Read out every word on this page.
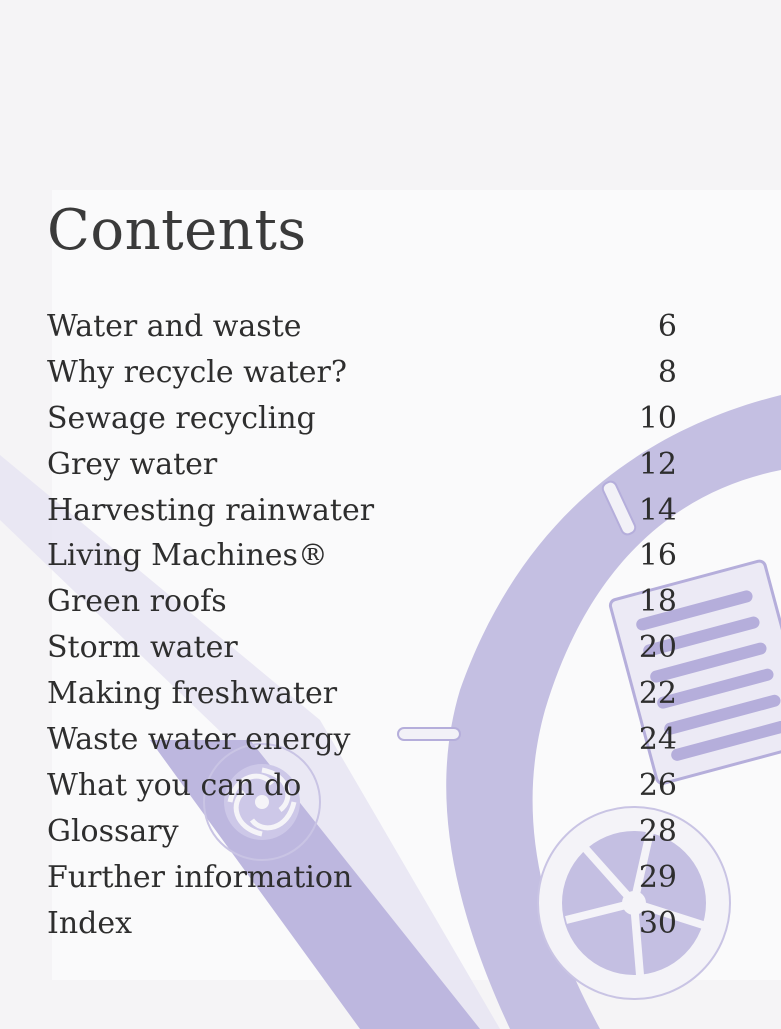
Contents
Water and waste	6
Why recycle water?	8
Sewage recycling	10
Grey water	12
Harvesting rainwater	14
Living Machines®	16
Green roofs	18
Storm water	20
Making freshwater	22
Waste water energy	24
What you can do	26
Glossary	28
Further information	29
Index	30
